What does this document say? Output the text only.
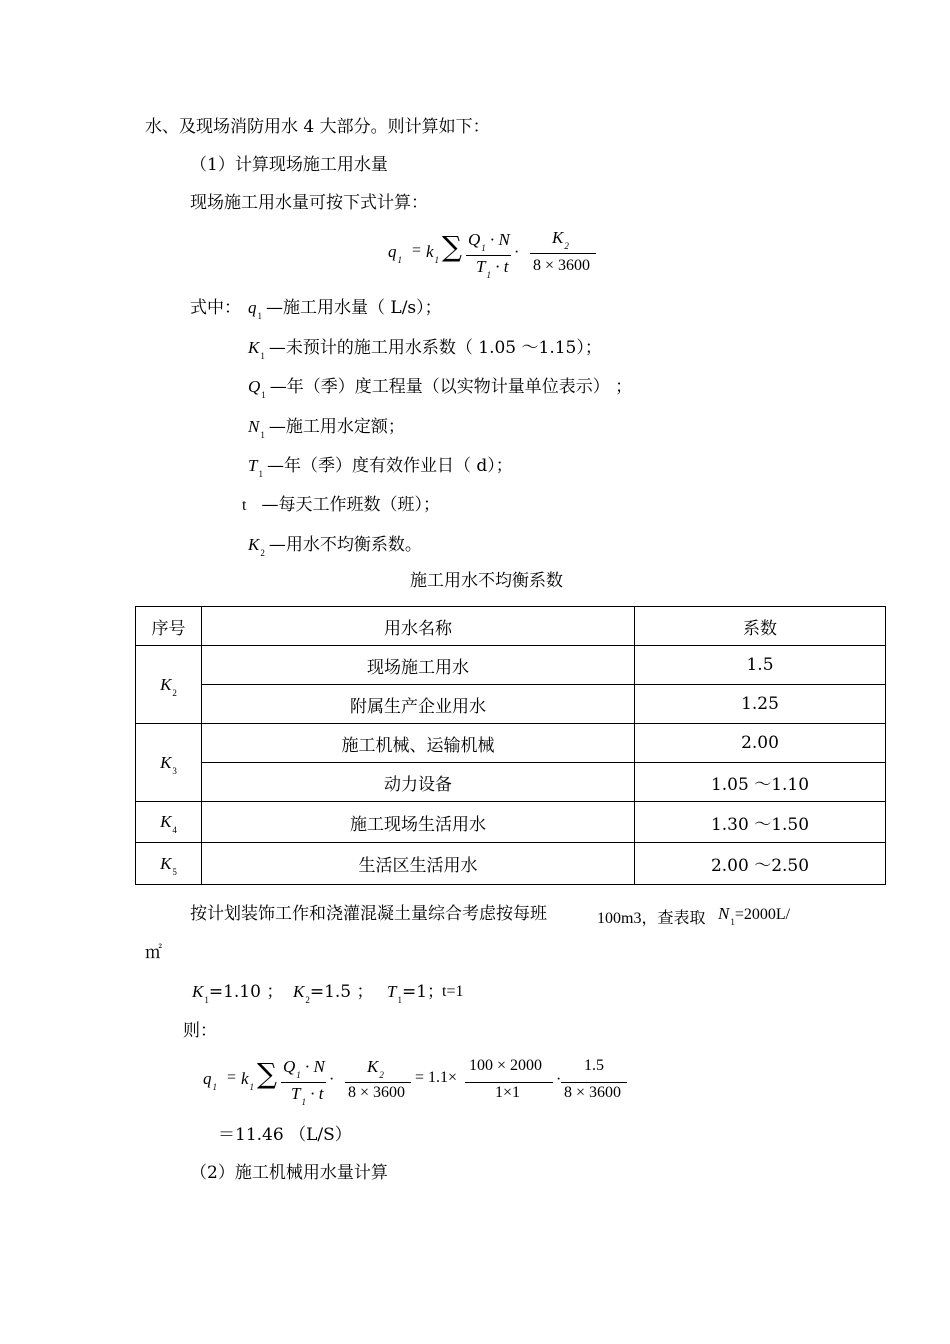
水、及现场消防用水 4 大部分。则计算如下：
（1）计算现场施工用水量
现场施工用水量可按下式计算：
$q_1$
= $k_1$ ∑ $Q_1 \cdot N$
$T_1 \cdot t$
·
$K_2$
8 × 3600
式中： $q_1$ —施工用水量（ L/s）；
$K_1$ —未预计的施工用水系数（ 1.05 ～1.15）；
$Q_1$ —年（季）度工程量（以实物计量单位表示） ；
$N_1$ —施工用水定额；
$T_1$ —年（季）度有效作业日（ d）；
t —每天工作班数（班）；
$K_2$ —用水不均衡系数。
施工用水不均衡系数
序号	用水名称	系数
$K_2$	现场施工用水	1.5
	附属生产企业用水	1.25
$K_3$	施工机械、运输机械	2.00
	动力设备	1.05 ～1.10
$K_4$	施工现场生活用水	1.30 ～1.50
$K_5$	生活区生活用水	2.00 ～2.50
按计划装饰工作和浇灌混凝土量综合考虑按每班	100m3，查表取 $N_1=2000L/$
㎡
$K_1=1.10$ ； $K_2=1.5$ ； $T_1=1$；
t=1
则：
$q_1$
= $k_1$ ∑ $Q_1 \cdot N$
$T_1 \cdot t$
·
$K_2$
8 × 3600
= 1.1×
100 × 2000
1×1
·
1.5
8 × 3600
＝11.46 （L/S）
（2）施工机械用水量计算
